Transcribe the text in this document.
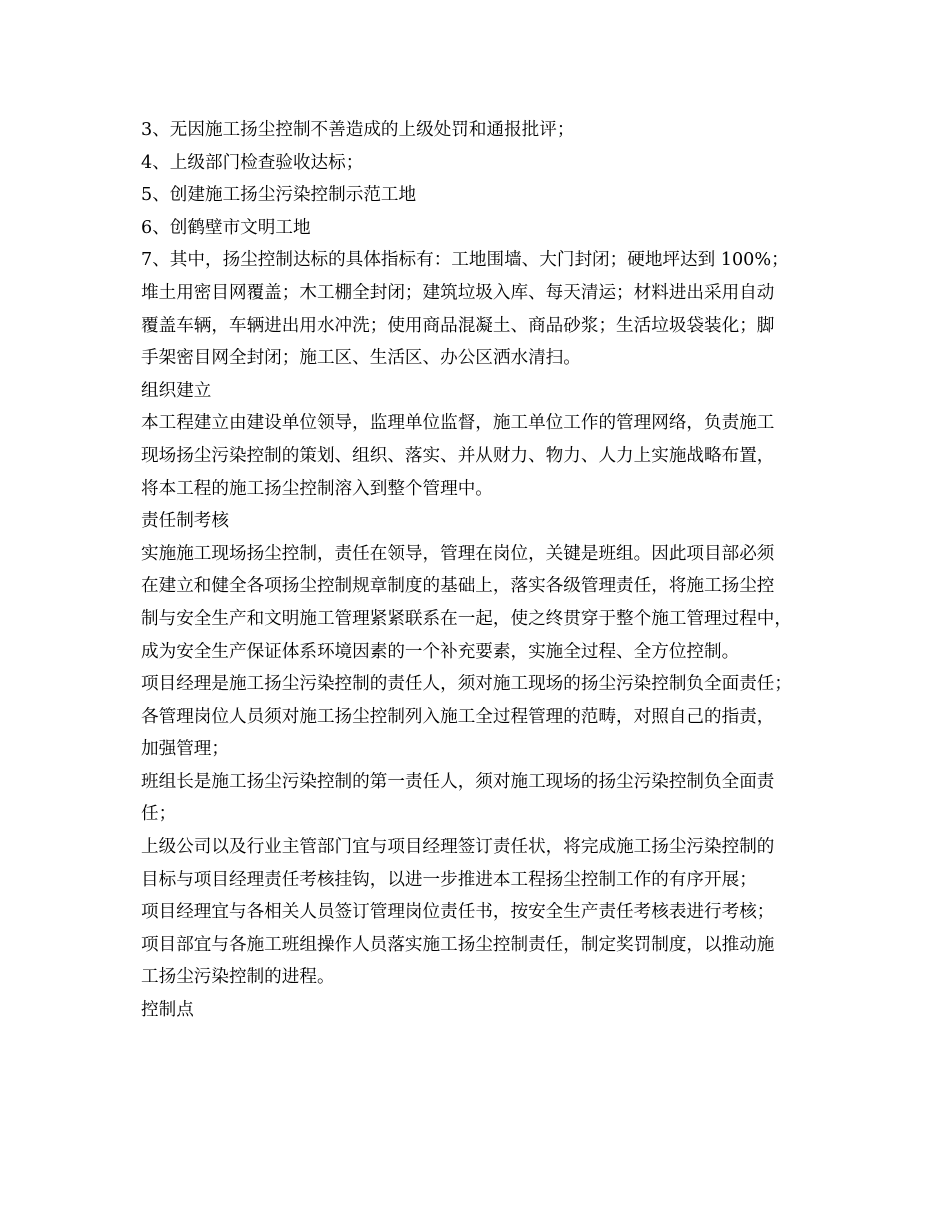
3、无因施工扬尘控制不善造成的上级处罚和通报批评；
4、上级部门检查验收达标；
5、创建施工扬尘污染控制示范工地
6、创鹤壁市文明工地
7、其中，扬尘控制达标的具体指标有：工地围墙、大门封闭；硬地坪达到 100%；
堆土用密目网覆盖；木工棚全封闭；建筑垃圾入库、每天清运；材料进出采用自动
覆盖车辆，车辆进出用水冲洗；使用商品混凝土、商品砂浆；生活垃圾袋装化；脚
手架密目网全封闭；施工区、生活区、办公区洒水清扫。
组织建立
本工程建立由建设单位领导，监理单位监督，施工单位工作的管理网络，负责施工
现场扬尘污染控制的策划、组织、落实、并从财力、物力、人力上实施战略布置，
将本工程的施工扬尘控制溶入到整个管理中。
责任制考核
实施施工现场扬尘控制，责任在领导，管理在岗位，关键是班组。因此项目部必须
在建立和健全各项扬尘控制规章制度的基础上，落实各级管理责任，将施工扬尘控
制与安全生产和文明施工管理紧紧联系在一起，使之终贯穿于整个施工管理过程中，
成为安全生产保证体系环境因素的一个补充要素，实施全过程、全方位控制。
项目经理是施工扬尘污染控制的责任人，须对施工现场的扬尘污染控制负全面责任；
各管理岗位人员须对施工扬尘控制列入施工全过程管理的范畴，对照自己的指责，
加强管理；
班组长是施工扬尘污染控制的第一责任人，须对施工现场的扬尘污染控制负全面责
任；
上级公司以及行业主管部门宜与项目经理签订责任状，将完成施工扬尘污染控制的
目标与项目经理责任考核挂钩，以进一步推进本工程扬尘控制工作的有序开展；
项目经理宜与各相关人员签订管理岗位责任书，按安全生产责任考核表进行考核；
项目部宜与各施工班组操作人员落实施工扬尘控制责任，制定奖罚制度，以推动施
工扬尘污染控制的进程。
控制点
